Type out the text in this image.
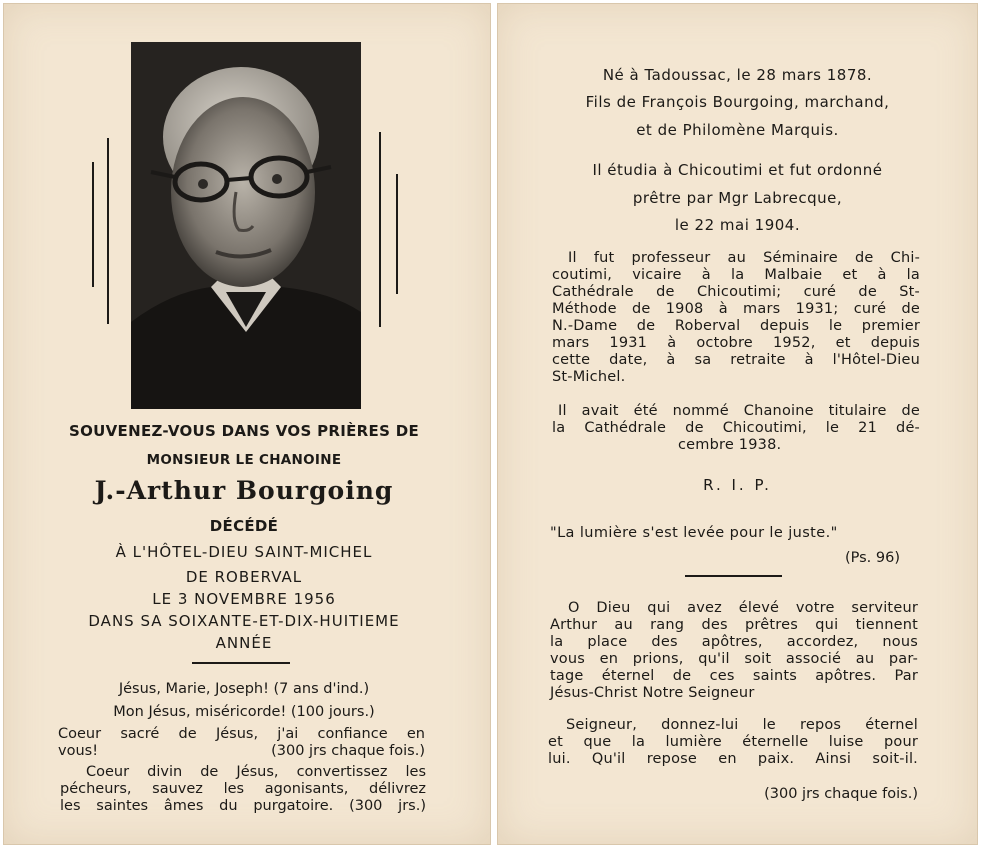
SOUVENEZ-VOUS DANS VOS PRIÈRES DE
MONSIEUR LE CHANOINE
J.-Arthur Bourgoing
DÉCÉDÉ
À L'HÔTEL-DIEU SAINT-MICHEL
DE ROBERVAL
LE 3 NOVEMBRE 1956
DANS SA SOIXANTE-ET-DIX-HUITIEME
ANNÉE
Jésus, Marie, Joseph! (7 ans d'ind.)
Mon Jésus, miséricorde! (100 jours.)
Coeur sacré de Jésus, j'ai confiance en
vous!	(300 jrs chaque fois.)
Coeur divin de Jésus, convertissez les
pécheurs, sauvez les agonisants, délivrez
les saintes âmes du purgatoire. (300 jrs.)
Né à Tadoussac, le 28 mars 1878.
Fils de François Bourgoing, marchand,
et de Philomène Marquis.
Il étudia à Chicoutimi et fut ordonné
prêtre par Mgr Labrecque,
le 22 mai 1904.
Il fut professeur au Séminaire de Chi-
coutimi, vicaire à la Malbaie et à la
Cathédrale de Chicoutimi; curé de St-
Méthode de 1908 à mars 1931; curé de
N.-Dame de Roberval depuis le premier
mars 1931 à octobre 1952, et depuis
cette date, à sa retraite à l'Hôtel-Dieu
St-Michel.
Il avait été nommé Chanoine titulaire de
la Cathédrale de Chicoutimi, le 21 dé-
cembre 1938.
R. I. P.
"La lumière s'est levée pour le juste."
(Ps. 96)
O Dieu qui avez élevé votre serviteur
Arthur au rang des prêtres qui tiennent
la place des apôtres, accordez, nous
vous en prions, qu'il soit associé au par-
tage éternel de ces saints apôtres. Par
Jésus-Christ Notre Seigneur
Seigneur, donnez-lui le repos éternel
et que la lumière éternelle luise pour
lui. Qu'il repose en paix. Ainsi soit-il.
(300 jrs chaque fois.)
